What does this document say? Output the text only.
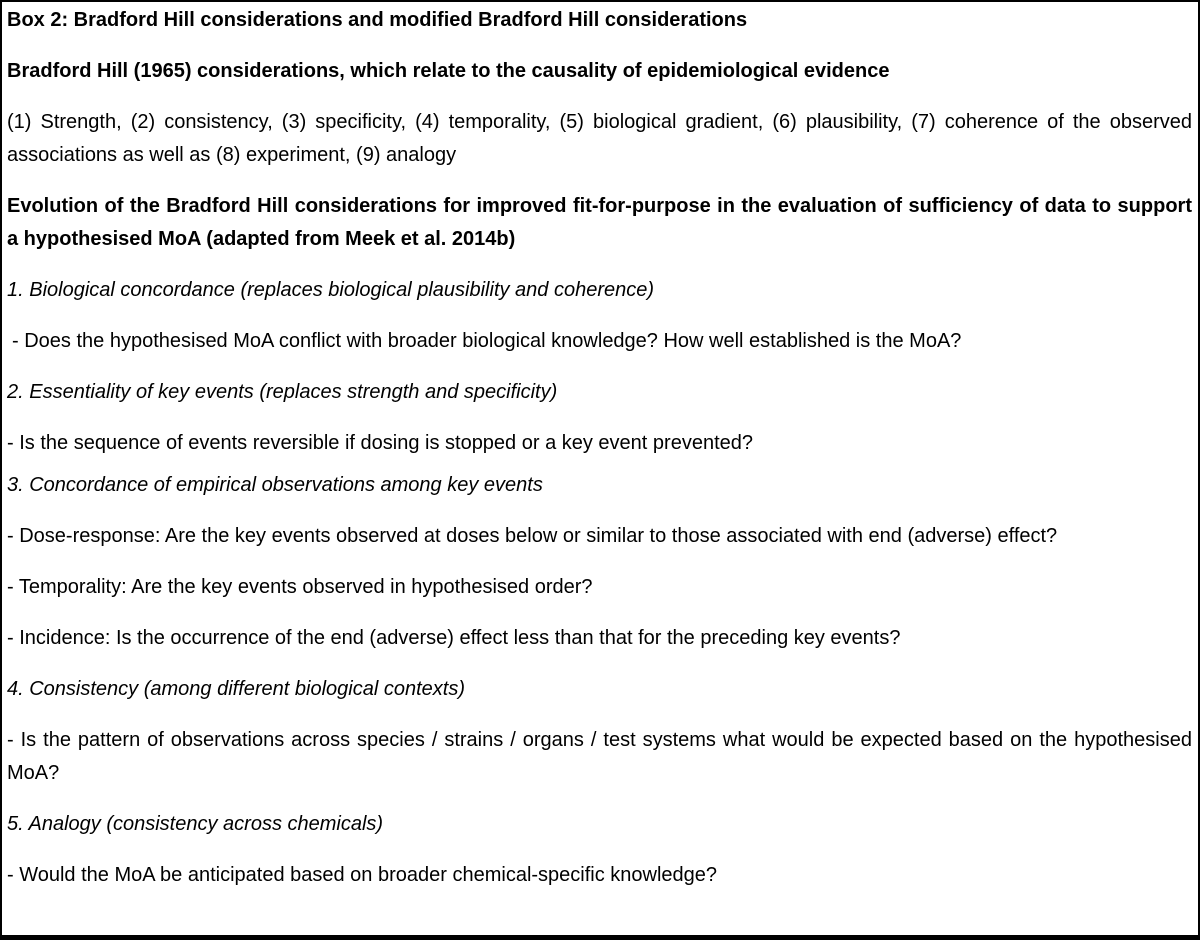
Box 2: Bradford Hill considerations and modified Bradford Hill considerations

Bradford Hill (1965) considerations, which relate to the causality of epidemiological evidence

(1) Strength, (2) consistency, (3) specificity, (4) temporality, (5) biological gradient, (6) plausibility, (7) coherence of the observed associations as well as (8) experiment, (9) analogy

Evolution of the Bradford Hill considerations for improved fit-for-purpose in the evaluation of sufficiency of data to support a hypothesised MoA (adapted from Meek et al. 2014b)

1. Biological concordance (replaces biological plausibility and coherence)

- Does the hypothesised MoA conflict with broader biological knowledge? How well established is the MoA?

2. Essentiality of key events (replaces strength and specificity)

- Is the sequence of events reversible if dosing is stopped or a key event prevented?

3. Concordance of empirical observations among key events

- Dose-response: Are the key events observed at doses below or similar to those associated with end (adverse) effect?

- Temporality: Are the key events observed in hypothesised order?

- Incidence: Is the occurrence of the end (adverse) effect less than that for the preceding key events?

4. Consistency (among different biological contexts)

- Is the pattern of observations across species / strains / organs / test systems what would be expected based on the hypothesised MoA?

5. Analogy (consistency across chemicals)

- Would the MoA be anticipated based on broader chemical-specific knowledge?
